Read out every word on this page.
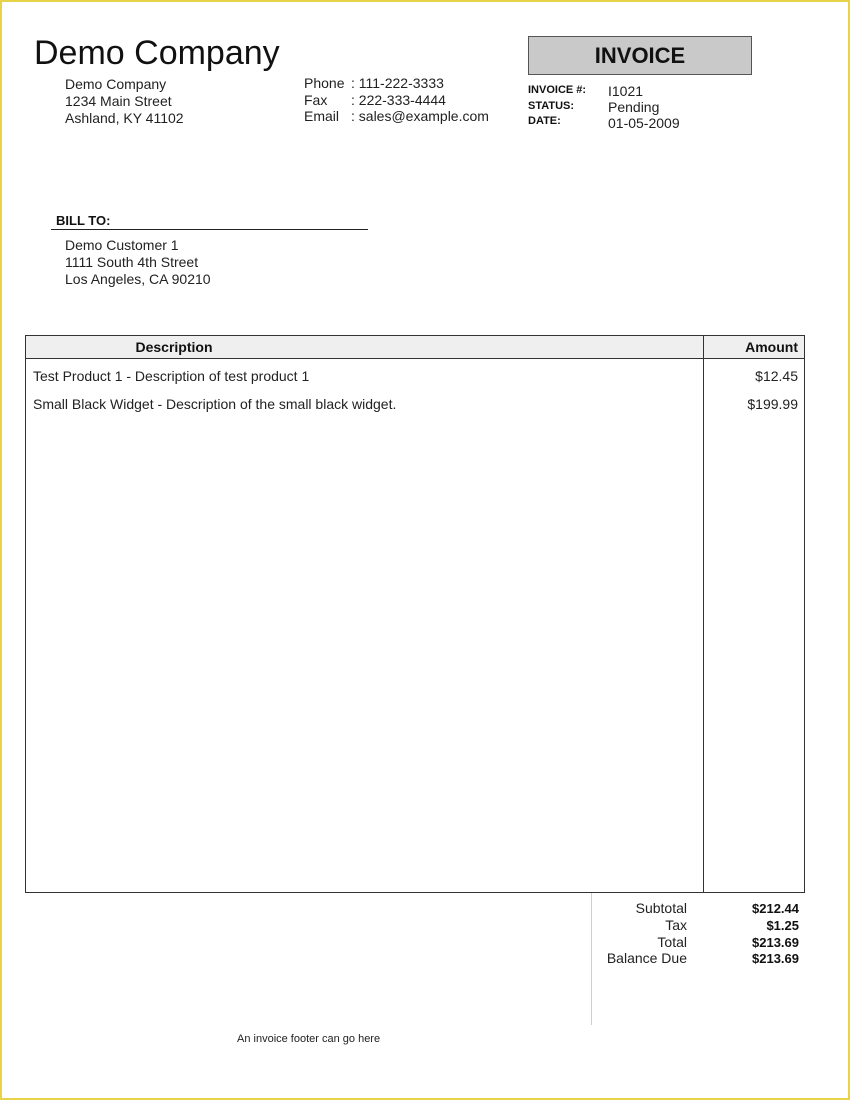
Demo Company
Demo Company
1234 Main Street
Ashland, KY 41102
Phone : 111-222-3333
Fax : 222-333-4444
Email : sales@example.com
INVOICE
INVOICE #: I1021
STATUS: Pending
DATE:	01-05-2009
BILL TO:
Demo Customer 1
1111 South 4th Street
Los Angeles, CA 90210
Description	Amount
Test Product 1 - Description of test product 1	$12.45
Small Black Widget - Description of the small black widget.	$199.99
Subtotal	$212.44
Tax	$1.25
Total	$213.69
Balance Due	$213.69
An invoice footer can go here
